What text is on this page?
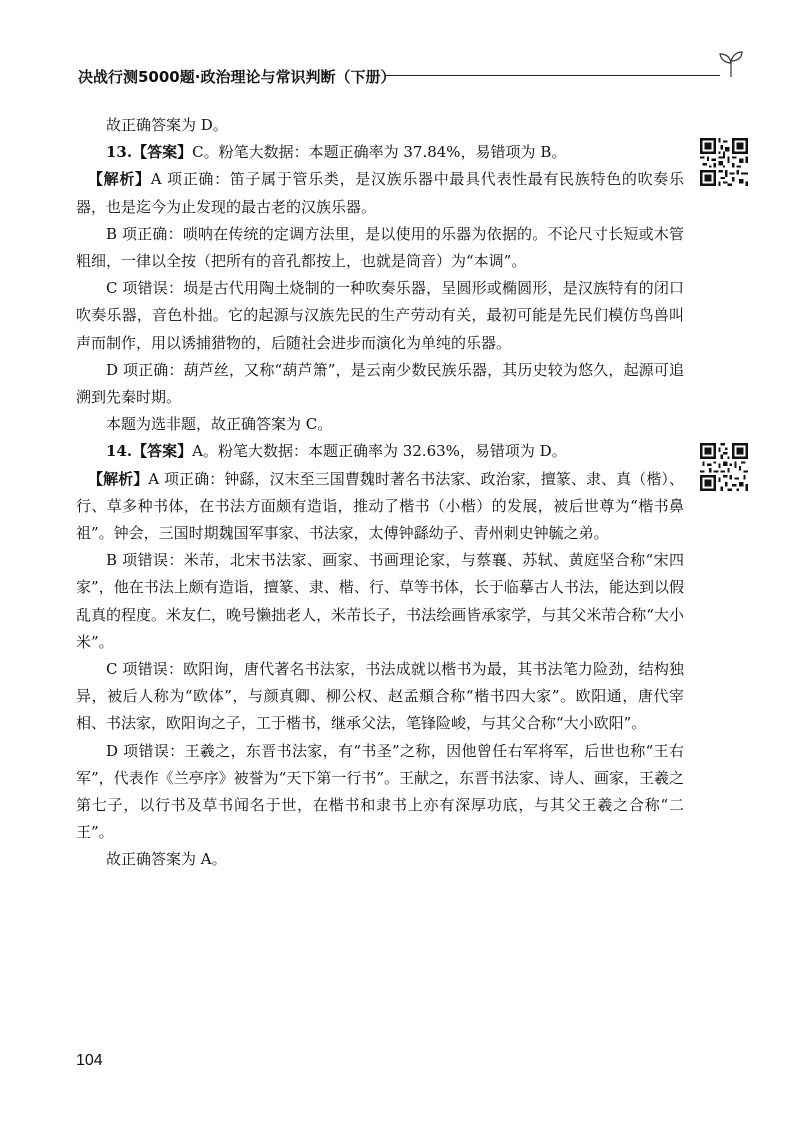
决战行测5000题·政治理论与常识判断（下册）

故正确答案为 D。

13.【答案】C。粉笔大数据：本题正确率为 37.84%，易错项为 B。

【解析】A 项正确：笛子属于管乐类，是汉族乐器中最具代表性最有民族特色的吹奏乐器，也是迄今为止发现的最古老的汉族乐器。

B 项正确：唢呐在传统的定调方法里，是以使用的乐器为依据的。不论尺寸长短或木管粗细，一律以全按（把所有的音孔都按上，也就是筒音）为“本调”。

C 项错误：埙是古代用陶土烧制的一种吹奏乐器，呈圆形或椭圆形，是汉族特有的闭口吹奏乐器，音色朴拙。它的起源与汉族先民的生产劳动有关，最初可能是先民们模仿鸟兽叫声而制作，用以诱捕猎物的，后随社会进步而演化为单纯的乐器。

D 项正确：葫芦丝，又称“葫芦箫”，是云南少数民族乐器，其历史较为悠久，起源可追溯到先秦时期。

本题为选非题，故正确答案为 C。

14.【答案】A。粉笔大数据：本题正确率为 32.63%，易错项为 D。

【解析】A 项正确：钟繇，汉末至三国曹魏时著名书法家、政治家，擅篆、隶、真（楷）、行、草多种书体，在书法方面颇有造诣，推动了楷书（小楷）的发展，被后世尊为“楷书鼻祖”。钟会，三国时期魏国军事家、书法家，太傅钟繇幼子、青州刺史钟毓之弟。

B 项错误：米芾，北宋书法家、画家、书画理论家，与蔡襄、苏轼、黄庭坚合称“宋四家”，他在书法上颇有造诣，擅篆、隶、楷、行、草等书体，长于临摹古人书法，能达到以假乱真的程度。米友仁，晚号懒拙老人，米芾长子，书法绘画皆承家学，与其父米芾合称“大小米”。

C 项错误：欧阳询，唐代著名书法家，书法成就以楷书为最，其书法笔力险劲，结构独异，被后人称为“欧体”，与颜真卿、柳公权、赵孟頫合称“楷书四大家”。欧阳通，唐代宰相、书法家，欧阳询之子，工于楷书，继承父法，笔锋险峻，与其父合称“大小欧阳”。

D 项错误：王羲之，东晋书法家，有“书圣”之称，因他曾任右军将军，后世也称“王右军”，代表作《兰亭序》被誉为“天下第一行书”。王献之，东晋书法家、诗人、画家，王羲之第七子，以行书及草书闻名于世，在楷书和隶书上亦有深厚功底，与其父王羲之合称“二王”。

故正确答案为 A。

104
